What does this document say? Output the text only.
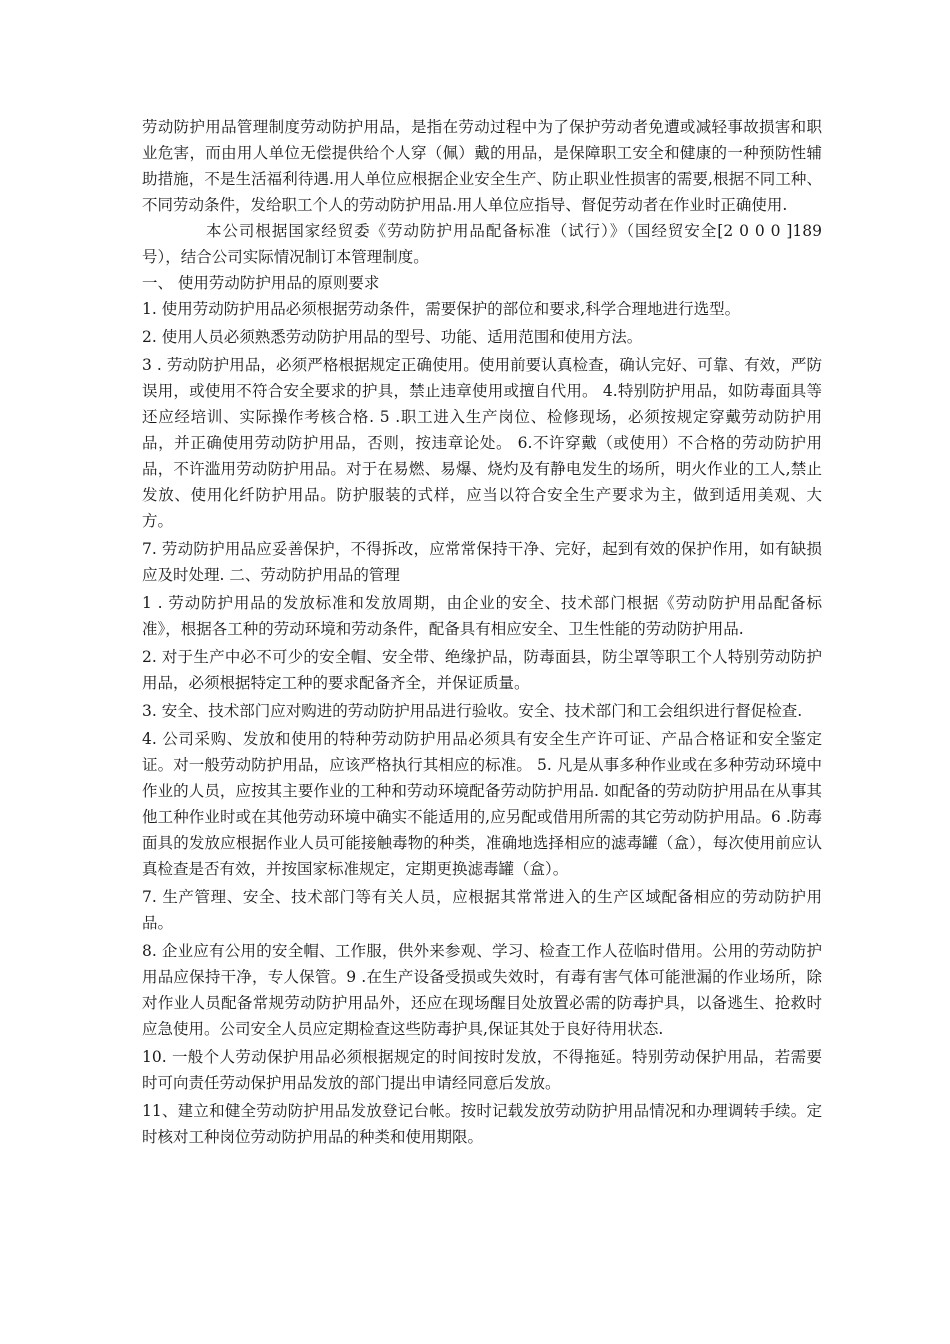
劳动防护用品管理制度劳动防护用品，是指在劳动过程中为了保护劳动者免遭或减轻事故损害和职业危害，而由用人单位无偿提供给个人穿（佩）戴的用品，是保障职工安全和健康的一种预防性辅助措施，不是生活福利待遇.用人单位应根据企业安全生产、防止职业性损害的需要,根据不同工种、不同劳动条件，发给职工个人的劳动防护用品.用人单位应指导、督促劳动者在作业时正确使用.

本公司根据国家经贸委《劳动防护用品配备标准（试行）》（国经贸安全[2 0 0 0 ]189 号），结合公司实际情况制订本管理制度。

一、 使用劳动防护用品的原则要求

1. 使用劳动防护用品必须根据劳动条件，需要保护的部位和要求,科学合理地进行选型。

2. 使用人员必须熟悉劳动防护用品的型号、功能、适用范围和使用方法。

3 . 劳动防护用品，必须严格根据规定正确使用。使用前要认真检查，确认完好、可靠、有效，严防误用，或使用不符合安全要求的护具，禁止违章使用或擅自代用。 4.特别防护用品，如防毒面具等还应经培训、实际操作考核合格. 5 .职工进入生产岗位、检修现场，必须按规定穿戴劳动防护用品，并正确使用劳动防护用品，否则，按违章论处。 6.不许穿戴（或使用）不合格的劳动防护用品，不许滥用劳动防护用品。对于在易燃、易爆、烧灼及有静电发生的场所，明火作业的工人,禁止发放、使用化纤防护用品。防护服装的式样，应当以符合安全生产要求为主，做到适用美观、大方。

7. 劳动防护用品应妥善保护，不得拆改，应常常保持干净、完好，起到有效的保护作用，如有缺损应及时处理. 二、劳动防护用品的管理

1 . 劳动防护用品的发放标准和发放周期，由企业的安全、技术部门根据《劳动防护用品配备标准》，根据各工种的劳动环境和劳动条件，配备具有相应安全、卫生性能的劳动防护用品.

2. 对于生产中必不可少的安全帽、安全带、绝缘护品，防毒面县，防尘罩等职工个人特别劳动防护用品，必须根据特定工种的要求配备齐全，并保证质量。

3. 安全、技术部门应对购进的劳动防护用品进行验收。安全、技术部门和工会组织进行督促检查.

4. 公司采购、发放和使用的特种劳动防护用品必须具有安全生产许可证、产品合格证和安全鉴定证。对一般劳动防护用品，应该严格执行其相应的标准。 5. 凡是从事多种作业或在多种劳动环境中作业的人员，应按其主要作业的工种和劳动环境配备劳动防护用品. 如配备的劳动防护用品在从事其他工种作业时或在其他劳动环境中确实不能适用的,应另配或借用所需的其它劳动防护用品。6 .防毒面具的发放应根据作业人员可能接触毒物的种类，准确地选择相应的滤毒罐（盒），每次使用前应认真检查是否有效，并按国家标准规定，定期更换滤毒罐（盒）。

7. 生产管理、安全、技术部门等有关人员，应根据其常常进入的生产区域配备相应的劳动防护用品。

8. 企业应有公用的安全帽、工作服，供外来参观、学习、检查工作人莅临时借用。公用的劳动防护用品应保持干净，专人保管。9 .在生产设备受损或失效时，有毒有害气体可能泄漏的作业场所，除对作业人员配备常规劳动防护用品外，还应在现场醒目处放置必需的防毒护具，以备逃生、抢救时应急使用。公司安全人员应定期检查这些防毒护具,保证其处于良好待用状态.

10. 一般个人劳动保护用品必须根据规定的时间按时发放，不得拖延。特别劳动保护用品，若需要时可向责任劳动保护用品发放的部门提出申请经同意后发放。

11、建立和健全劳动防护用品发放登记台帐。按时记载发放劳动防护用品情况和办理调转手续。定时核对工种岗位劳动防护用品的种类和使用期限。
